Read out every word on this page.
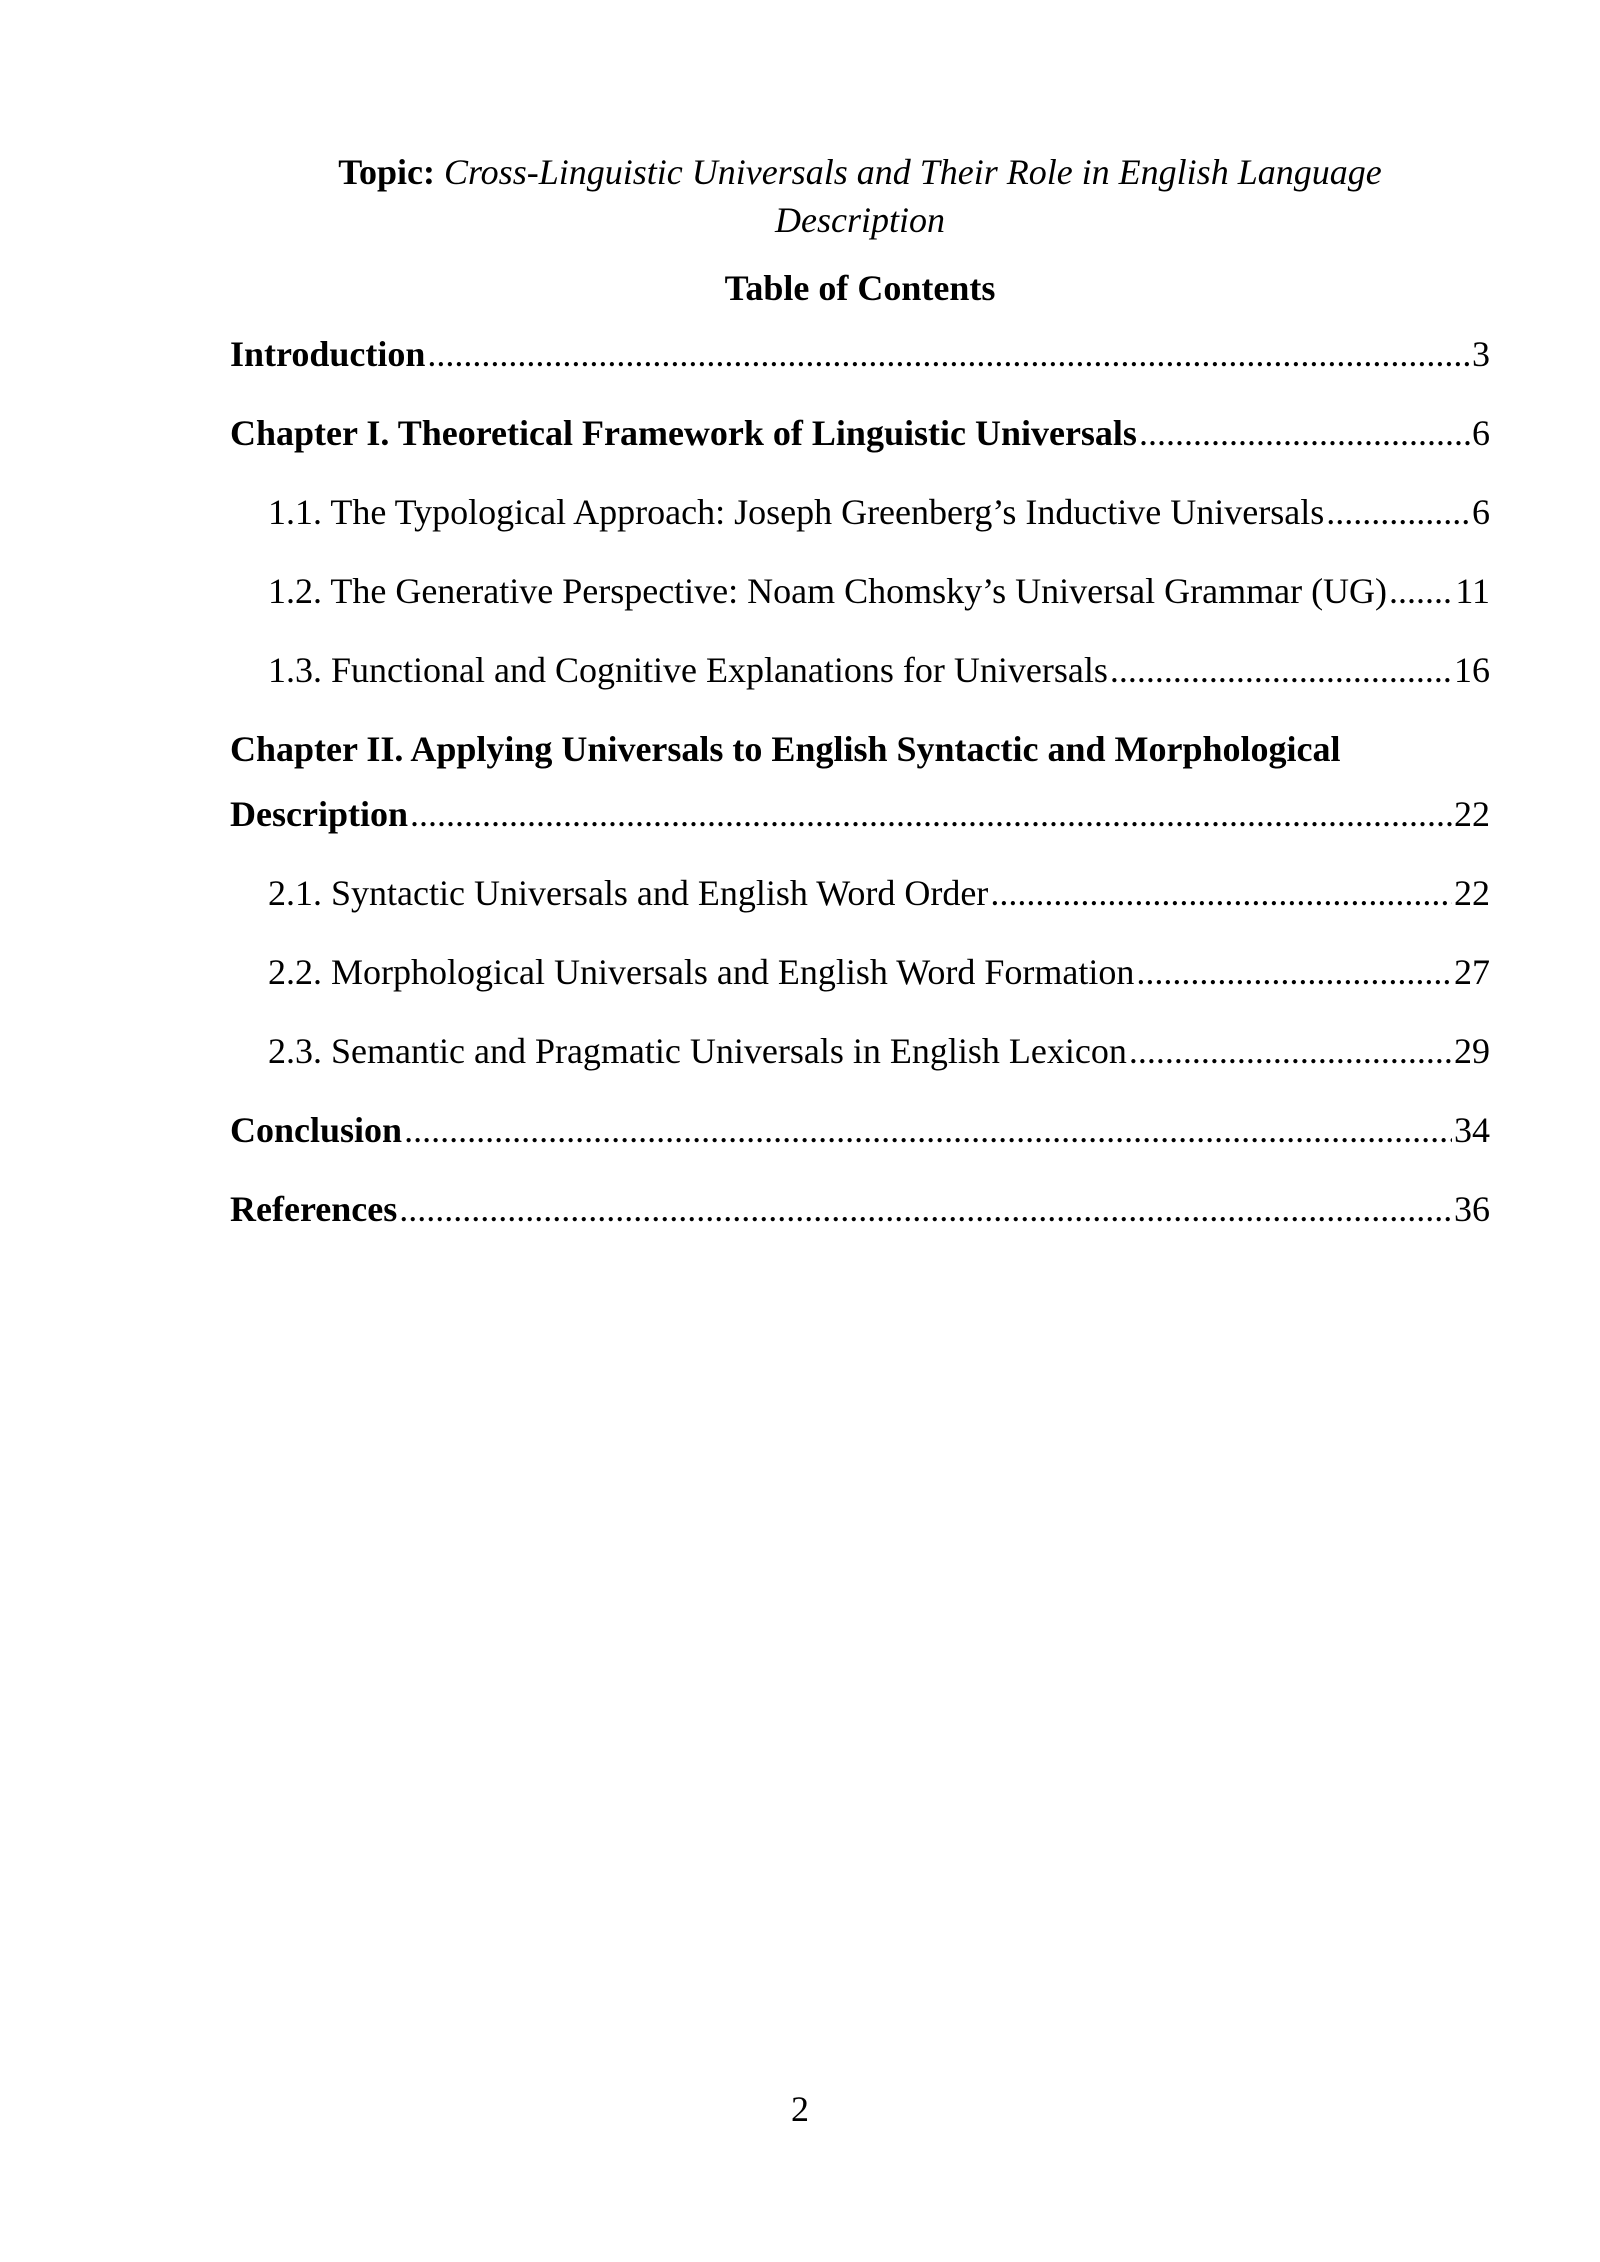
Topic: Cross-Linguistic Universals and Their Role in English Language
Description
Table of Contents
Introduction .....	3
Chapter I. Theoretical Framework of Linguistic Universals .....	6
1.1. The Typological Approach: Joseph Greenberg’s Inductive Universals .....	6
1.2. The Generative Perspective: Noam Chomsky’s Universal Grammar (UG) ..... 11
1.3. Functional and Cognitive Explanations for Universals .....	16
Chapter II. Applying Universals to English Syntactic and Morphological
Description .....	22
2.1. Syntactic Universals and English Word Order .....	22
2.2. Morphological Universals and English Word Formation .....	27
2.3. Semantic and Pragmatic Universals in English Lexicon .....	29
Conclusion .....	34
References .....	36
2
